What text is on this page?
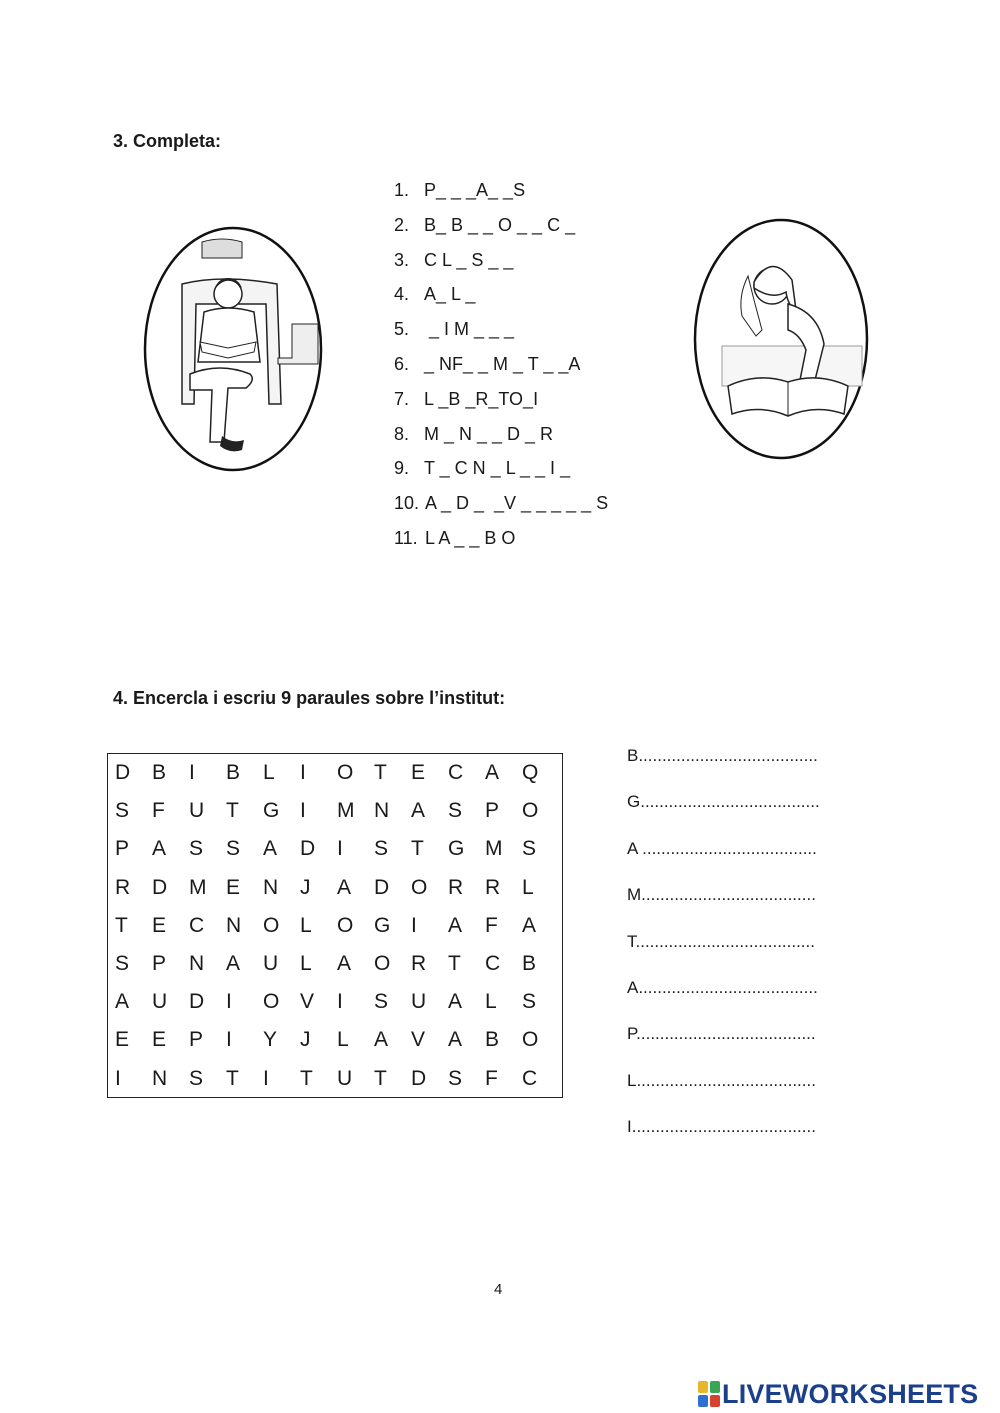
3. Completa:
1. P_ _ _A_ _S
2. B_ B _ _ O _ _ C _
3. C L _ S _ _
4. A_ L _
5. _ I M _ _ _
6. _ NF_ _ M _ T _ _A
7. L _B _R_TO_I
8. M _ N _ _ D _ R
9. T _ C N _ L _ _ I _
10. A _ D _  _V _ _ _ _ _ S
11. L A _ _ B O
4. Encercla i escriu 9 paraules sobre l’institut:
D	B	I	B	L	I	O T	E	C	A	Q
S	F	U	T	G I	M N	A	S	P	O
P	A	S	S	A	D	I	S	T	G M S
R	D	M E	N	J	A	D	O R	R	L
T	E	C	N	O L	O G I	A	F	A
S	P	N	A	U	L	A	O R	T	C	B
A	U	D	I	O V	I	S	U	A	L	S
E	E	P	I	Y	J	L	A	V	A	B	O
I	N	S	T	I	T	U	T	D	S	F	C
B......................................
G......................................
A .....................................
M.....................................
T......................................
A......................................
P......................................
L......................................
I.......................................
4
LIVEWORKSHEETS
